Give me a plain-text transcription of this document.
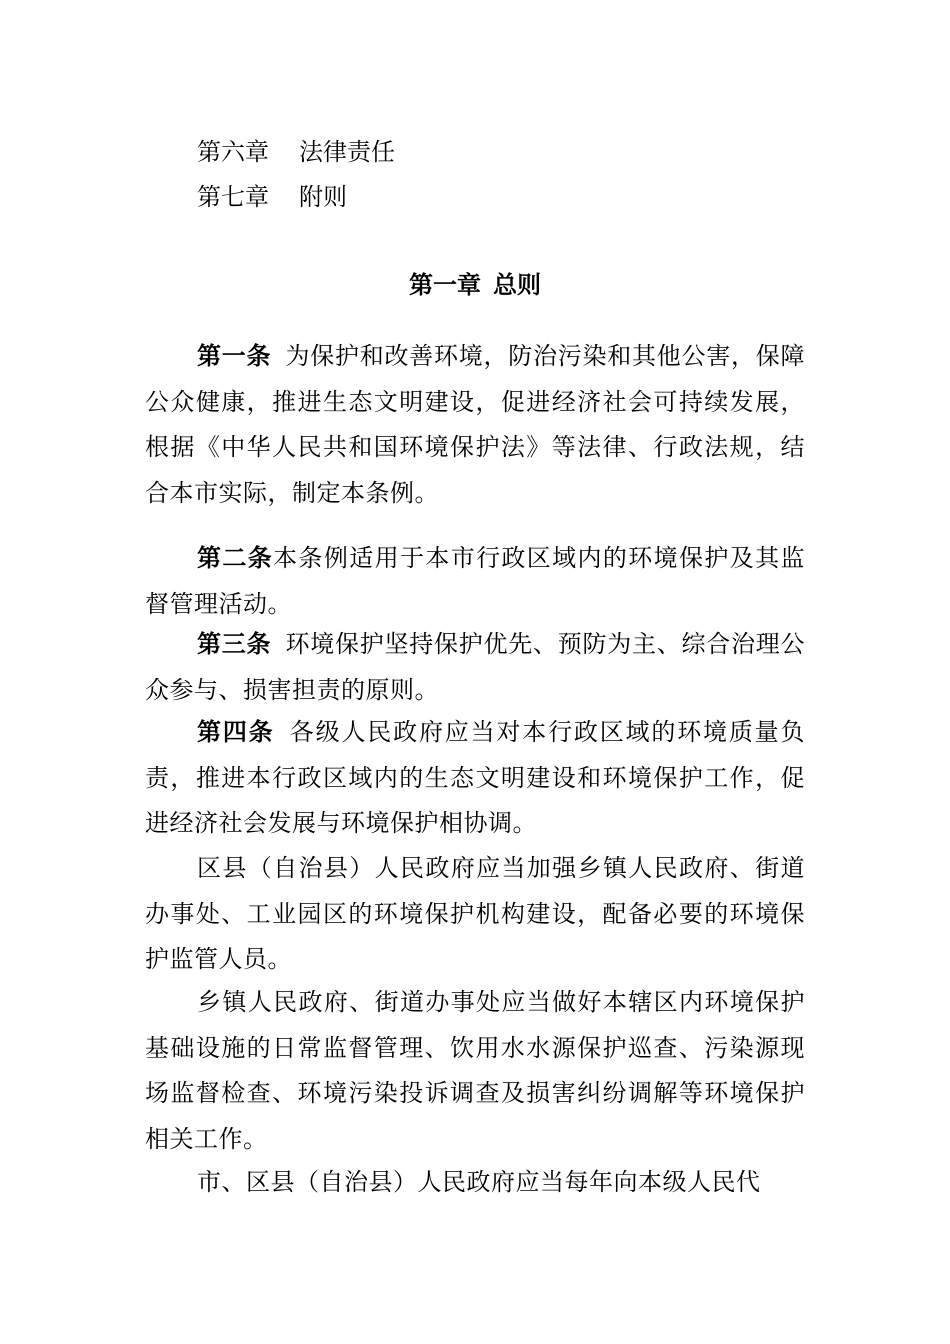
第六章 法律责任
第七章 附则
第一章 总则

第一条 为保护和改善环境，防治污染和其他公害，保障公众健康，推进生态文明建设，促进经济社会可持续发展，根据《中华人民共和国环境保护法》等法律、行政法规，结合本市实际，制定本条例。

第二条本条例适用于本市行政区域内的环境保护及其监督管理活动。

第三条 环境保护坚持保护优先、预防为主、综合治理公众参与、损害担责的原则。

第四条 各级人民政府应当对本行政区域的环境质量负责，推进本行政区域内的生态文明建设和环境保护工作，促进经济社会发展与环境保护相协调。

区县（自治县）人民政府应当加强乡镇人民政府、街道办事处、工业园区的环境保护机构建设，配备必要的环境保护监管人员。

乡镇人民政府、街道办事处应当做好本辖区内环境保护基础设施的日常监督管理、饮用水水源保护巡查、污染源现场监督检查、环境污染投诉调查及损害纠纷调解等环境保护相关工作。

市、区县（自治县）人民政府应当每年向本级人民代
